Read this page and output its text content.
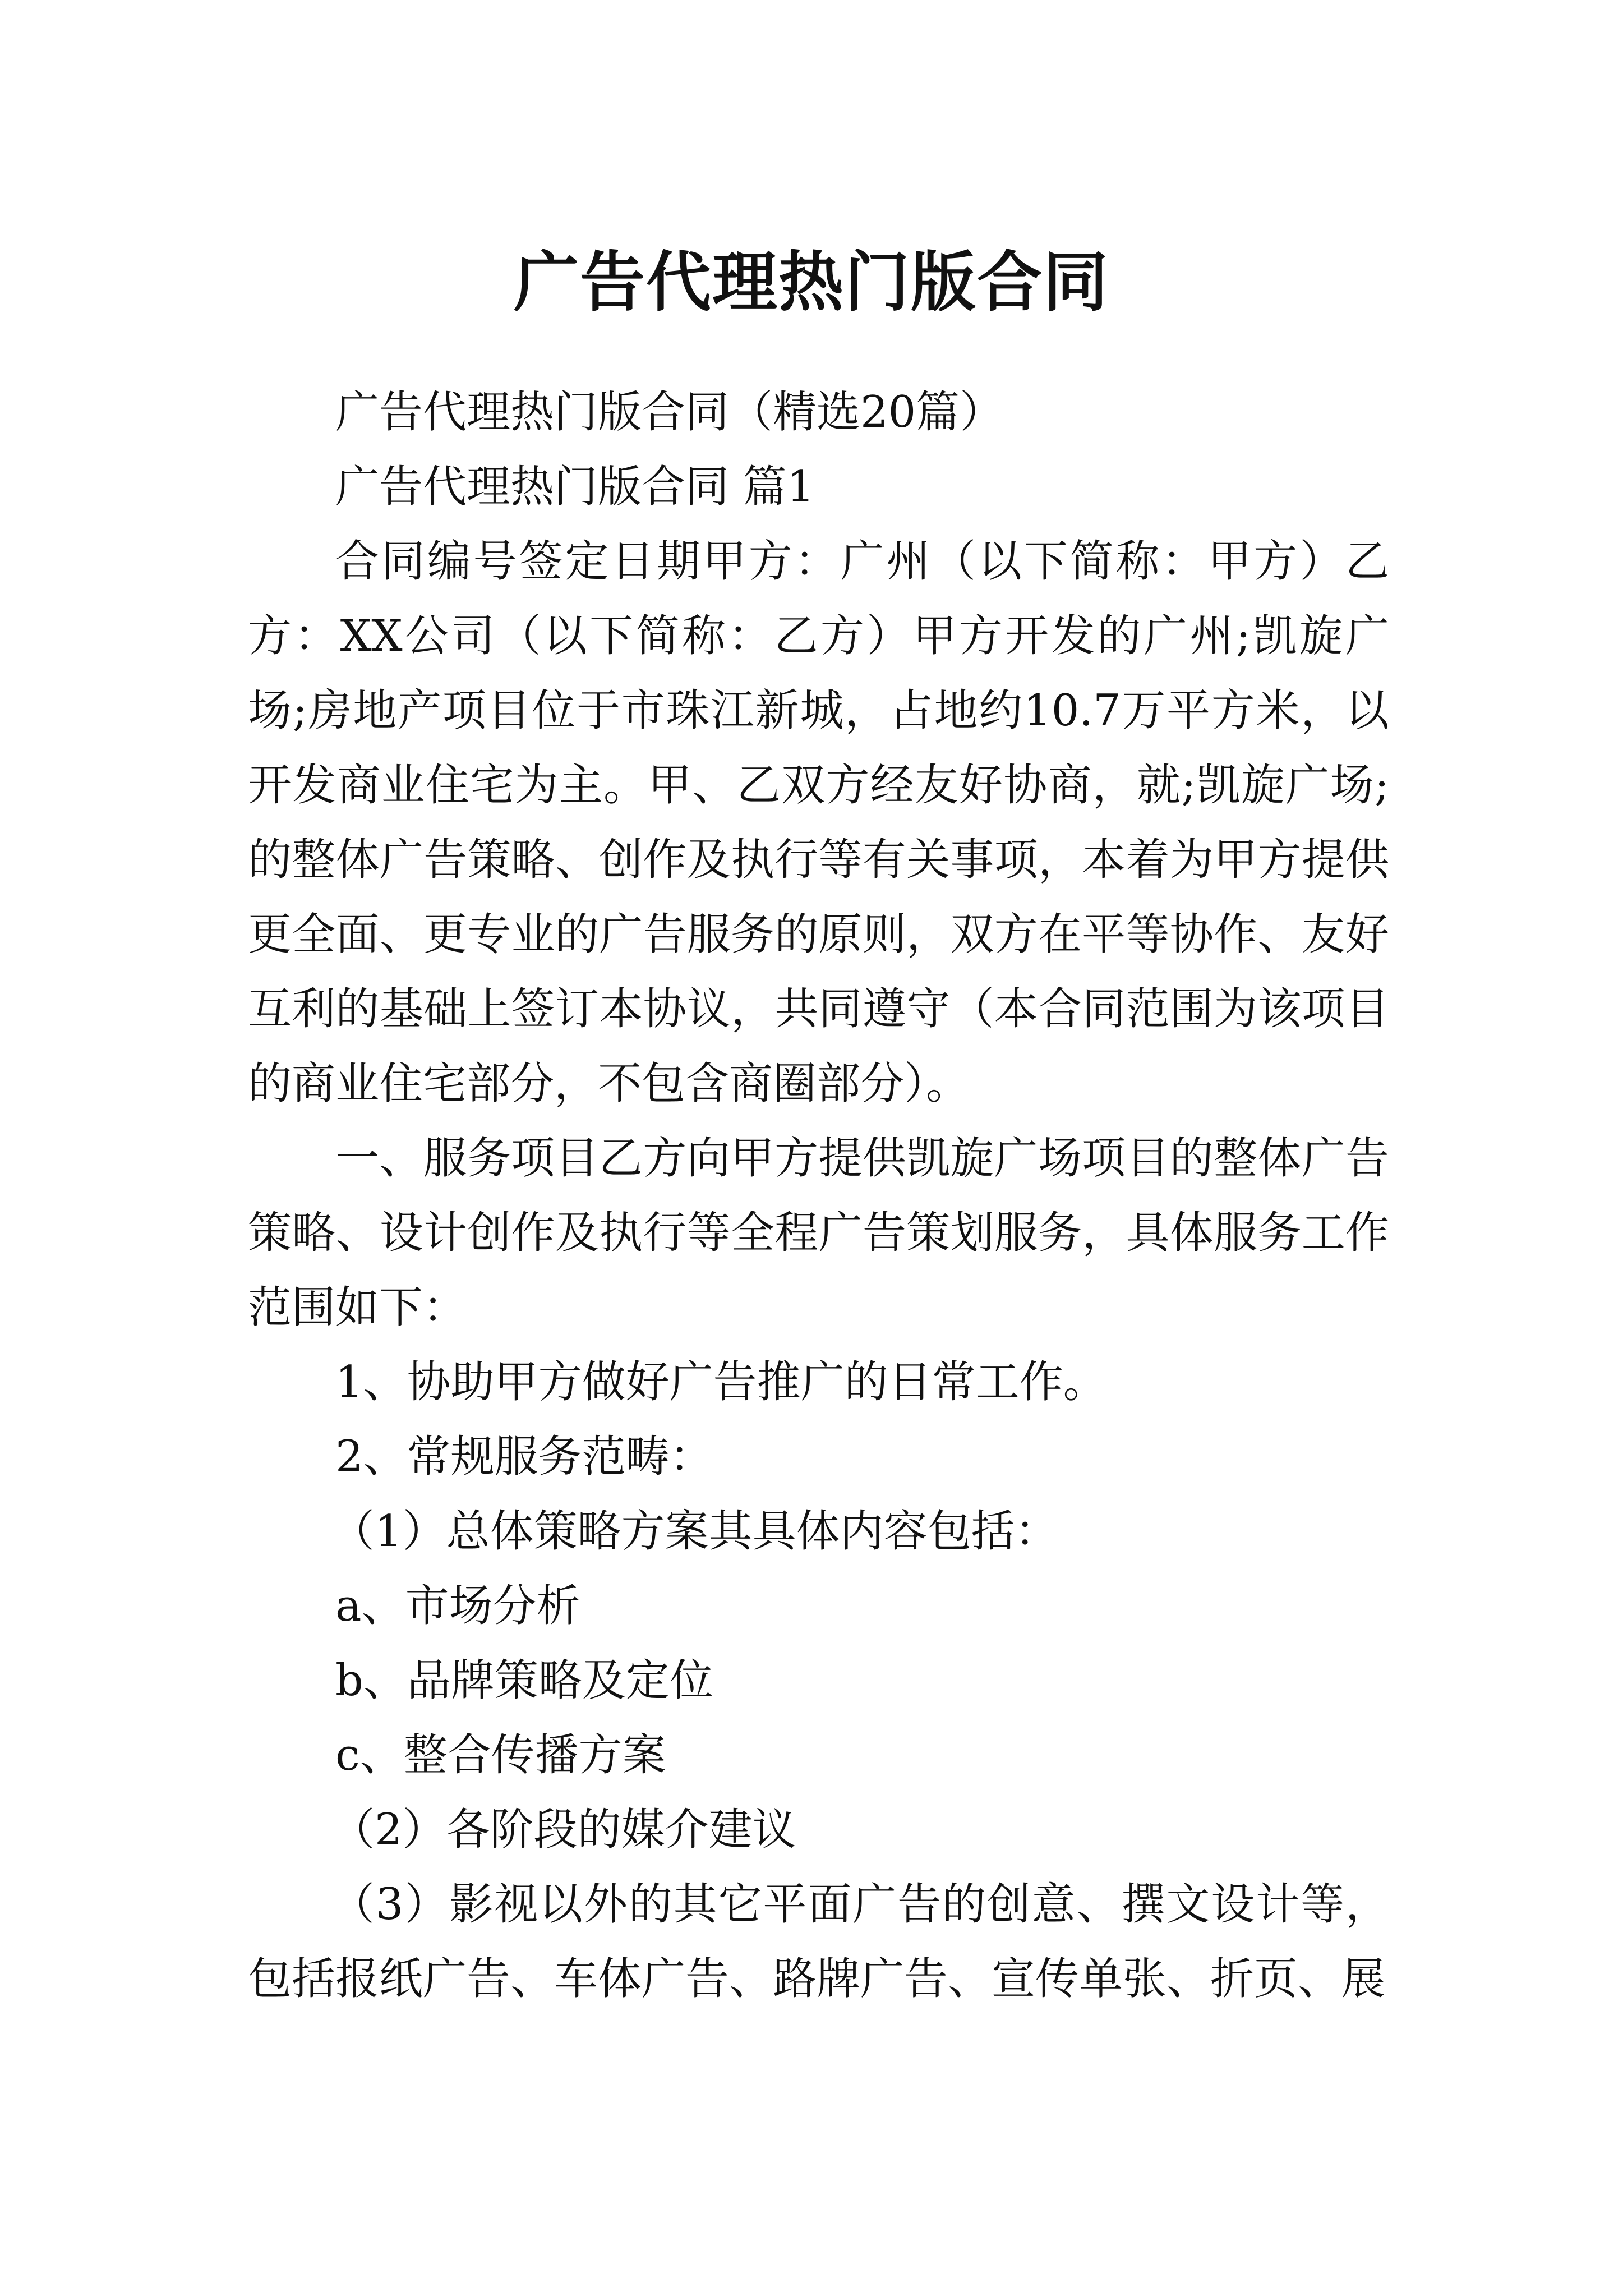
广告代理热门版合同

广告代理热门版合同（精选20篇）

广告代理热门版合同 篇1

合同编号签定日期甲方：广州（以下简称：甲方）乙方：XX公司（以下简称：乙方）甲方开发的广州;凯旋广场;房地产项目位于市珠江新城，占地约10.7万平方米，以开发商业住宅为主。甲、乙双方经友好协商，就;凯旋广场;的整体广告策略、创作及执行等有关事项，本着为甲方提供更全面、更专业的广告服务的原则，双方在平等协作、友好互利的基础上签订本协议，共同遵守（本合同范围为该项目的商业住宅部分，不包含商圈部分）。

一、服务项目乙方向甲方提供凯旋广场项目的整体广告策略、设计创作及执行等全程广告策划服务，具体服务工作范围如下：

1、协助甲方做好广告推广的日常工作。

2、常规服务范畴：

（1）总体策略方案其具体内容包括：

a、市场分析

b、品牌策略及定位

c、整合传播方案

（2）各阶段的媒介建议

（3）影视以外的其它平面广告的创意、撰文设计等，包括报纸广告、车体广告、路牌广告、宣传单张、折页、展
